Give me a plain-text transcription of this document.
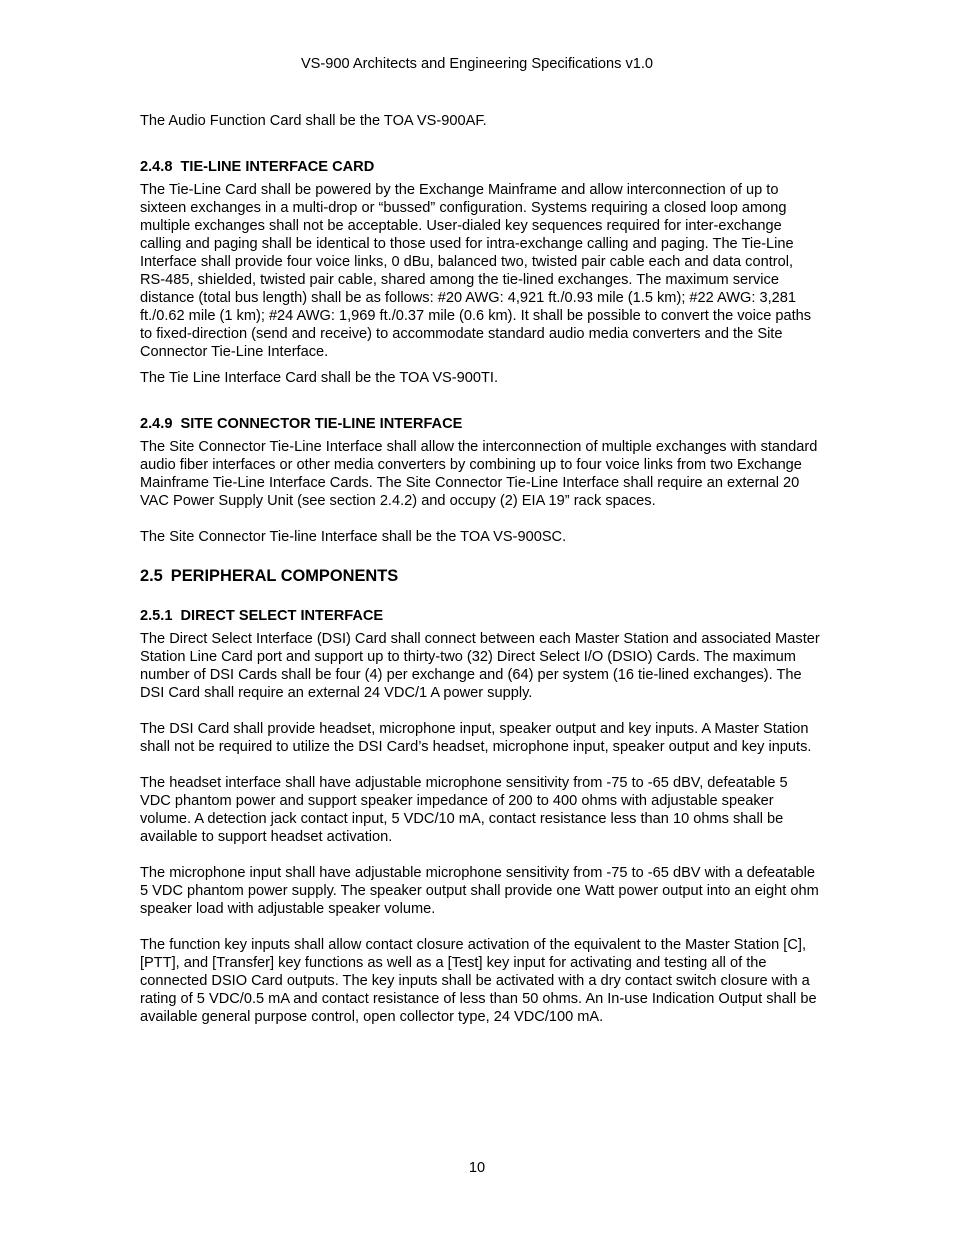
VS-900 Architects and Engineering Specifications v1.0

The Audio Function Card shall be the TOA VS-900AF.

2.4.8 TIE-LINE INTERFACE CARD

The Tie-Line Card shall be powered by the Exchange Mainframe and allow interconnection of up to sixteen exchanges in a multi-drop or “bussed” configuration. Systems requiring a closed loop among multiple exchanges shall not be acceptable. User-dialed key sequences required for inter-exchange calling and paging shall be identical to those used for intra-exchange calling and paging. The Tie-Line Interface shall provide four voice links, 0 dBu, balanced two, twisted pair cable each and data control, RS-485, shielded, twisted pair cable, shared among the tie-lined exchanges. The maximum service distance (total bus length) shall be as follows: #20 AWG: 4,921 ft./0.93 mile (1.5 km); #22 AWG: 3,281 ft./0.62 mile (1 km); #24 AWG: 1,969 ft./0.37 mile (0.6 km). It shall be possible to convert the voice paths to fixed-direction (send and receive) to accommodate standard audio media converters and the Site Connector Tie-Line Interface.

The Tie Line Interface Card shall be the TOA VS-900TI.

2.4.9 SITE CONNECTOR TIE-LINE INTERFACE

The Site Connector Tie-Line Interface shall allow the interconnection of multiple exchanges with standard audio fiber interfaces or other media converters by combining up to four voice links from two Exchange Mainframe Tie-Line Interface Cards. The Site Connector Tie-Line Interface shall require an external 20 VAC Power Supply Unit (see section 2.4.2) and occupy (2) EIA 19” rack spaces.

The Site Connector Tie-line Interface shall be the TOA VS-900SC.

2.5 PERIPHERAL COMPONENTS
2.5.1 DIRECT SELECT INTERFACE

The Direct Select Interface (DSI) Card shall connect between each Master Station and associated Master Station Line Card port and support up to thirty-two (32) Direct Select I/O (DSIO) Cards. The maximum number of DSI Cards shall be four (4) per exchange and (64) per system (16 tie-lined exchanges). The DSI Card shall require an external 24 VDC/1 A power supply.

The DSI Card shall provide headset, microphone input, speaker output and key inputs. A Master Station shall not be required to utilize the DSI Card’s headset, microphone input, speaker output and key inputs.

The headset interface shall have adjustable microphone sensitivity from -75 to -65 dBV, defeatable 5 VDC phantom power and support speaker impedance of 200 to 400 ohms with adjustable speaker volume. A detection jack contact input, 5 VDC/10 mA, contact resistance less than 10 ohms shall be available to support headset activation.

The microphone input shall have adjustable microphone sensitivity from -75 to -65 dBV with a defeatable 5 VDC phantom power supply. The speaker output shall provide one Watt power output into an eight ohm speaker load with adjustable speaker volume.

The function key inputs shall allow contact closure activation of the equivalent to the Master Station [C], [PTT], and [Transfer] key functions as well as a [Test] key input for activating and testing all of the connected DSIO Card outputs. The key inputs shall be activated with a dry contact switch closure with a rating of 5 VDC/0.5 mA and contact resistance of less than 50 ohms. An In-use Indication Output shall be available general purpose control, open collector type, 24 VDC/100 mA.

10
